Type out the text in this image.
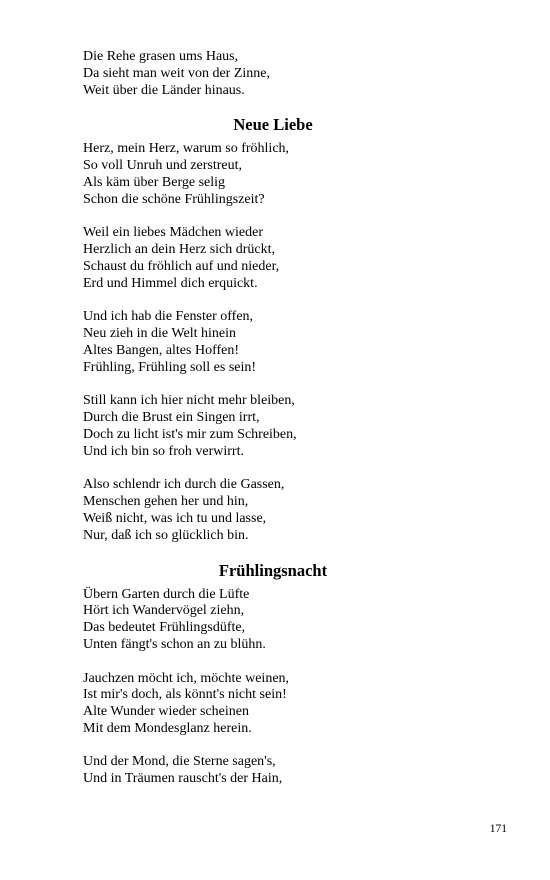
Die Rehe grasen ums Haus,
Da sieht man weit von der Zinne,
Weit über die Länder hinaus.
Neue Liebe
Herz, mein Herz, warum so fröhlich,
So voll Unruh und zerstreut,
Als käm über Berge selig
Schon die schöne Frühlingszeit?
Weil ein liebes Mädchen wieder
Herzlich an dein Herz sich drückt,
Schaust du fröhlich auf und nieder,
Erd und Himmel dich erquickt.
Und ich hab die Fenster offen,
Neu zieh in die Welt hinein
Altes Bangen, altes Hoffen!
Frühling, Frühling soll es sein!
Still kann ich hier nicht mehr bleiben,
Durch die Brust ein Singen irrt,
Doch zu licht ist's mir zum Schreiben,
Und ich bin so froh verwirrt.
Also schlendr ich durch die Gassen,
Menschen gehen her und hin,
Weiß nicht, was ich tu und lasse,
Nur, daß ich so glücklich bin.
Frühlingsnacht
Übern Garten durch die Lüfte
Hört ich Wandervögel ziehn,
Das bedeutet Frühlingsdüfte,
Unten fängt's schon an zu blühn.
Jauchzen möcht ich, möchte weinen,
Ist mir's doch, als könnt's nicht sein!
Alte Wunder wieder scheinen
Mit dem Mondesglanz herein.
Und der Mond, die Sterne sagen's,
Und in Träumen rauscht's der Hain,
171
